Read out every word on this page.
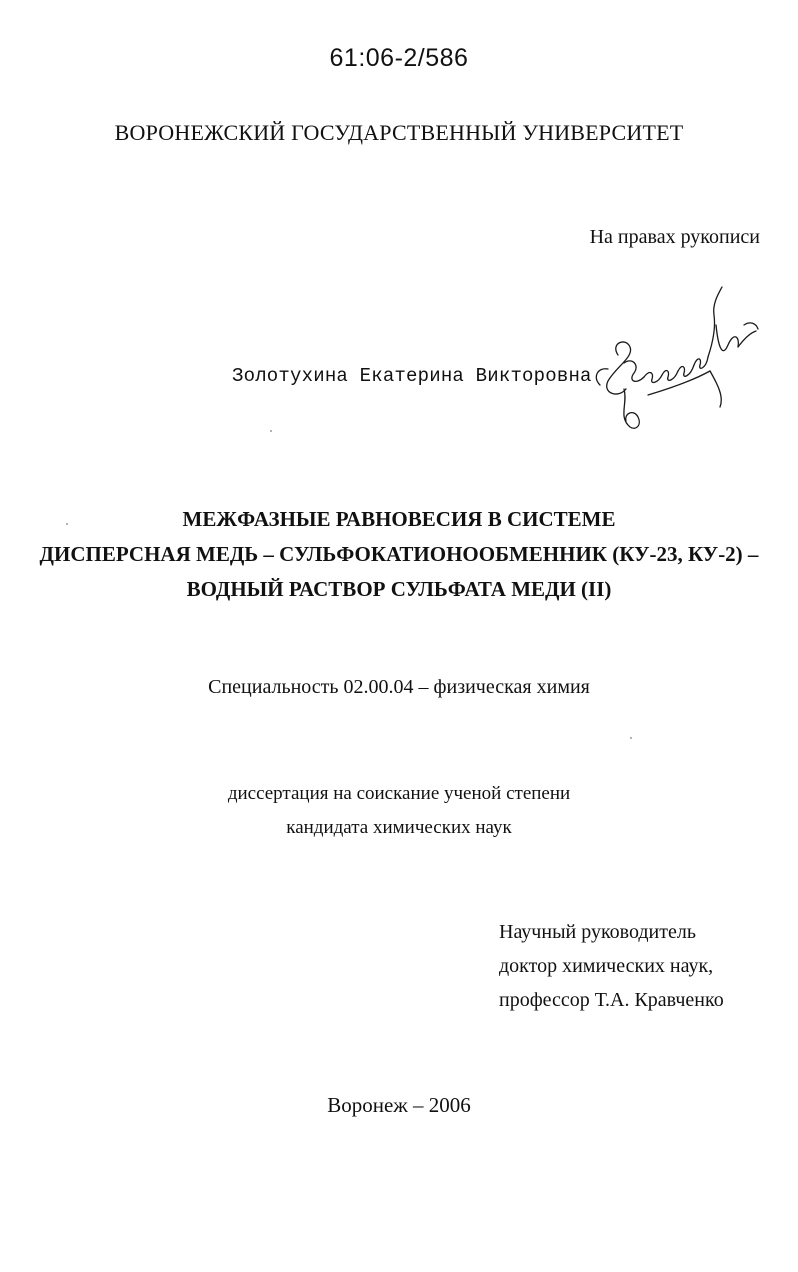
61:06-2/586
ВОРОНЕЖСКИЙ ГОСУДАРСТВЕННЫЙ УНИВЕРСИТЕТ
На правах рукописи
Золотухина Екатерина Викторовна
МЕЖФАЗНЫЕ РАВНОВЕСИЯ В СИСТЕМЕ
ДИСПЕРСНАЯ МЕДЬ – СУЛЬФОКАТИОНООБМЕННИК (КУ-23, КУ-2) –
ВОДНЫЙ РАСТВОР СУЛЬФАТА МЕДИ (II)
Специальность 02.00.04 – физическая химия
диссертация на соискание ученой степени
кандидата химических наук
Научный руководитель
доктор химических наук,
профессор Т.А. Кравченко
Воронеж – 2006
